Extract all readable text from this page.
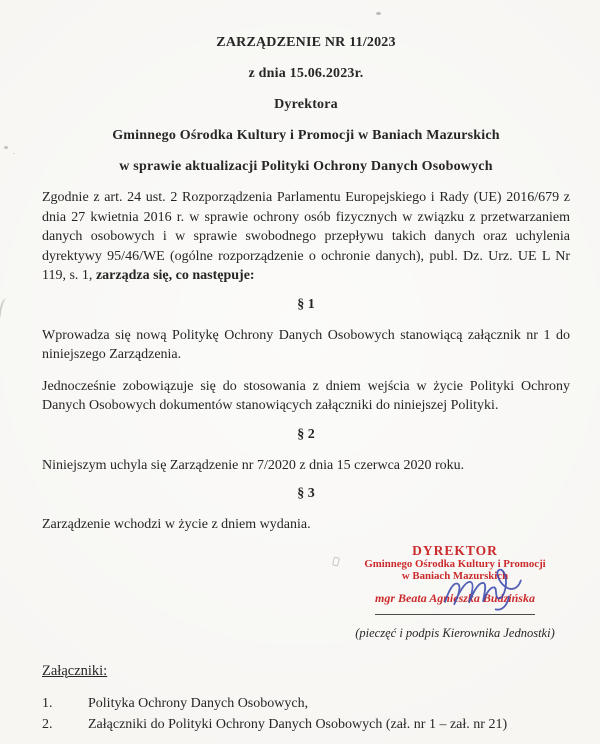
ZARZĄDZENIE NR 11/2023
z dnia 15.06.2023r.
Dyrektora
Gminnego Ośrodka Kultury i Promocji w Baniach Mazurskich
w sprawie aktualizacji Polityki Ochrony Danych Osobowych

Zgodnie z art. 24 ust. 2 Rozporządzenia Parlamentu Europejskiego i Rady (UE) 2016/679 z dnia 27 kwietnia 2016 r. w sprawie ochrony osób fizycznych w związku z przetwarzaniem danych osobowych i w sprawie swobodnego przepływu takich danych oraz uchylenia dyrektywy 95/46/WE (ogólne rozporządzenie o ochronie danych), publ. Dz. Urz. UE L Nr 119, s. 1, zarządza się, co następuje:

§ 1

Wprowadza się nową Politykę Ochrony Danych Osobowych stanowiącą załącznik nr 1 do niniejszego Zarządzenia.

Jednocześnie zobowiązuje się do stosowania z dniem wejścia w życie Polityki Ochrony Danych Osobowych dokumentów stanowiących załączniki do niniejszej Polityki.

§ 2

Niniejszym uchyla się Zarządzenie nr 7/2020 z dnia 15 czerwca 2020 roku.

§ 3

Zarządzenie wchodzi w życie z dniem wydania.

DYREKTOR
Gminnego Ośrodka Kultury i Promocji
w Baniach Mazurskich
mgr Beata Agnieszka Budzińska
(pieczęć i podpis Kierownika Jednostki)
Załączniki:
1.	Polityka Ochrony Danych Osobowych,
2.	Załączniki do Polityki Ochrony Danych Osobowych (zał. nr 1 – zał. nr 21)
